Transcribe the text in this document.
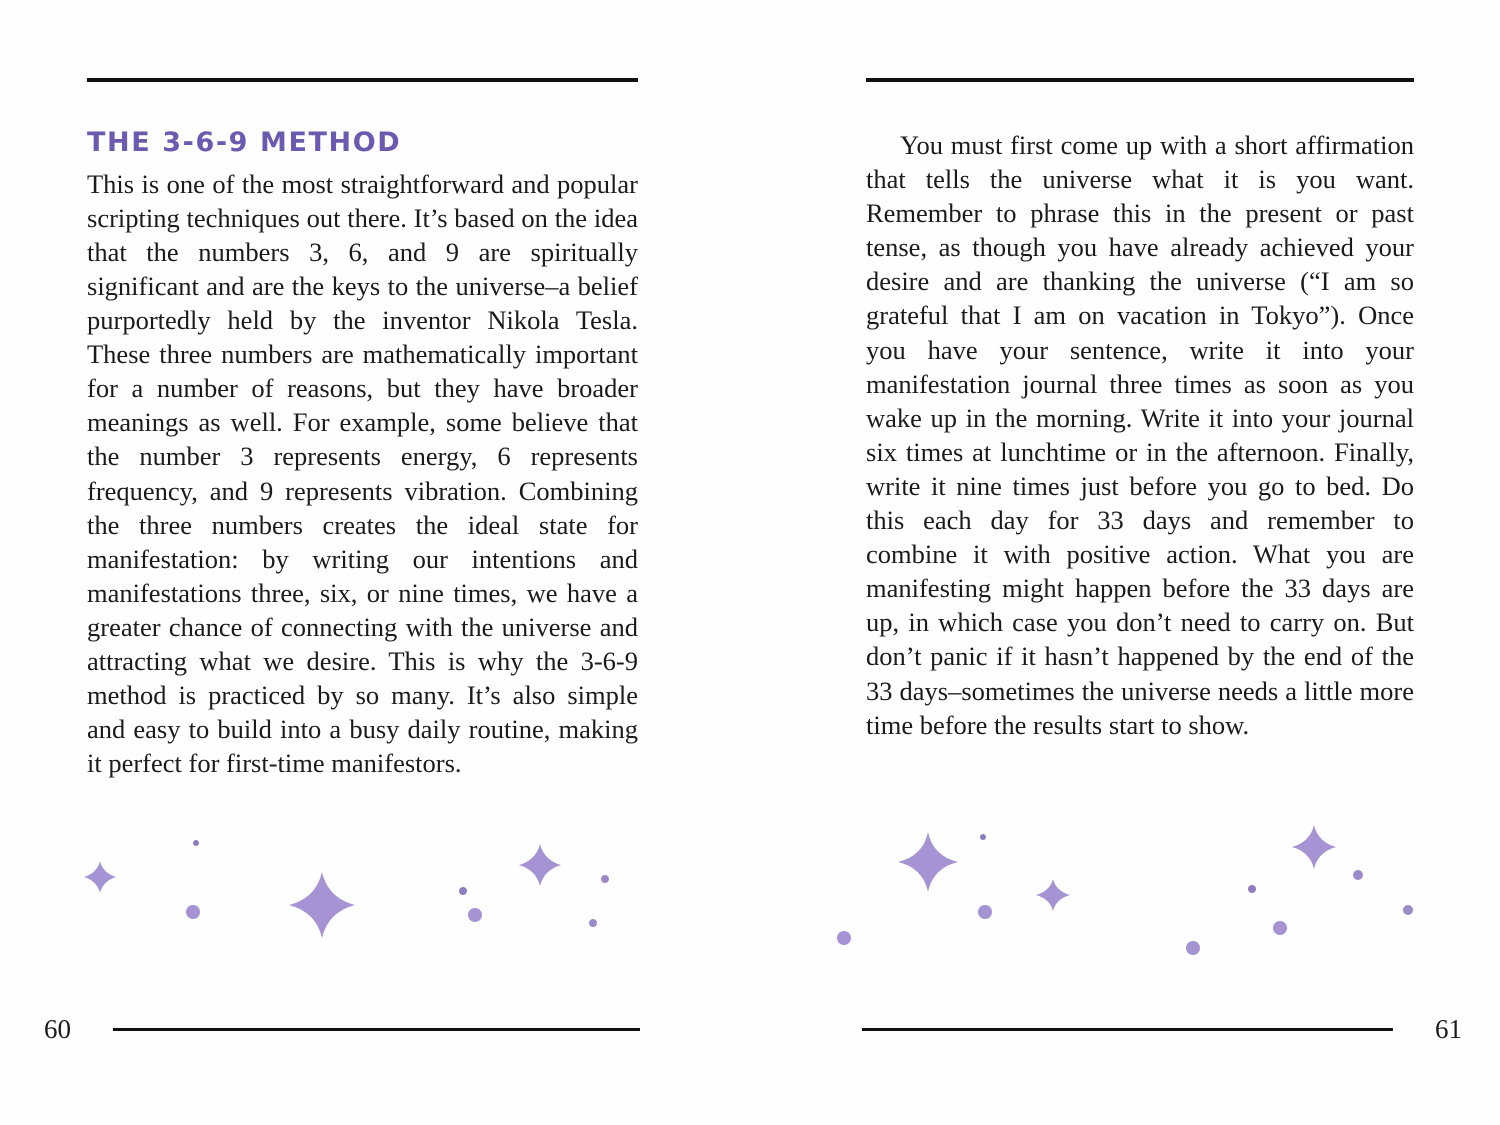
THE 3-6-9 METHOD

This is one of the most straightforward and popular scripting techniques out there. It’s based on the idea that the numbers 3, 6, and 9 are spiritually significant and are the keys to the universe–a belief purportedly held by the inventor Nikola Tesla. These three numbers are mathematically important for a number of reasons, but they have broader meanings as well. For example, some believe that the number 3 represents energy, 6 represents frequency, and 9 represents vibration. Combining the three numbers creates the ideal state for manifestation: by writing our intentions and manifestations three, six, or nine times, we have a greater chance of connecting with the universe and attracting what we desire. This is why the 3-6-9 method is practiced by so many. It’s also simple and easy to build into a busy daily routine, making it perfect for first-time manifestors.

60

You must first come up with a short affirmation that tells the universe what it is you want. Remember to phrase this in the present or past tense, as though you have already achieved your desire and are thanking the universe (“I am so grateful that I am on vacation in Tokyo”). Once you have your sentence, write it into your manifestation journal three times as soon as you wake up in the morning. Write it into your journal six times at lunchtime or in the afternoon. Finally, write it nine times just before you go to bed. Do this each day for 33 days and remember to combine it with positive action. What you are manifesting might happen before the 33 days are up, in which case you don’t need to carry on. But don’t panic if it hasn’t happened by the end of the 33 days–sometimes the universe needs a little more time before the results start to show.

61
